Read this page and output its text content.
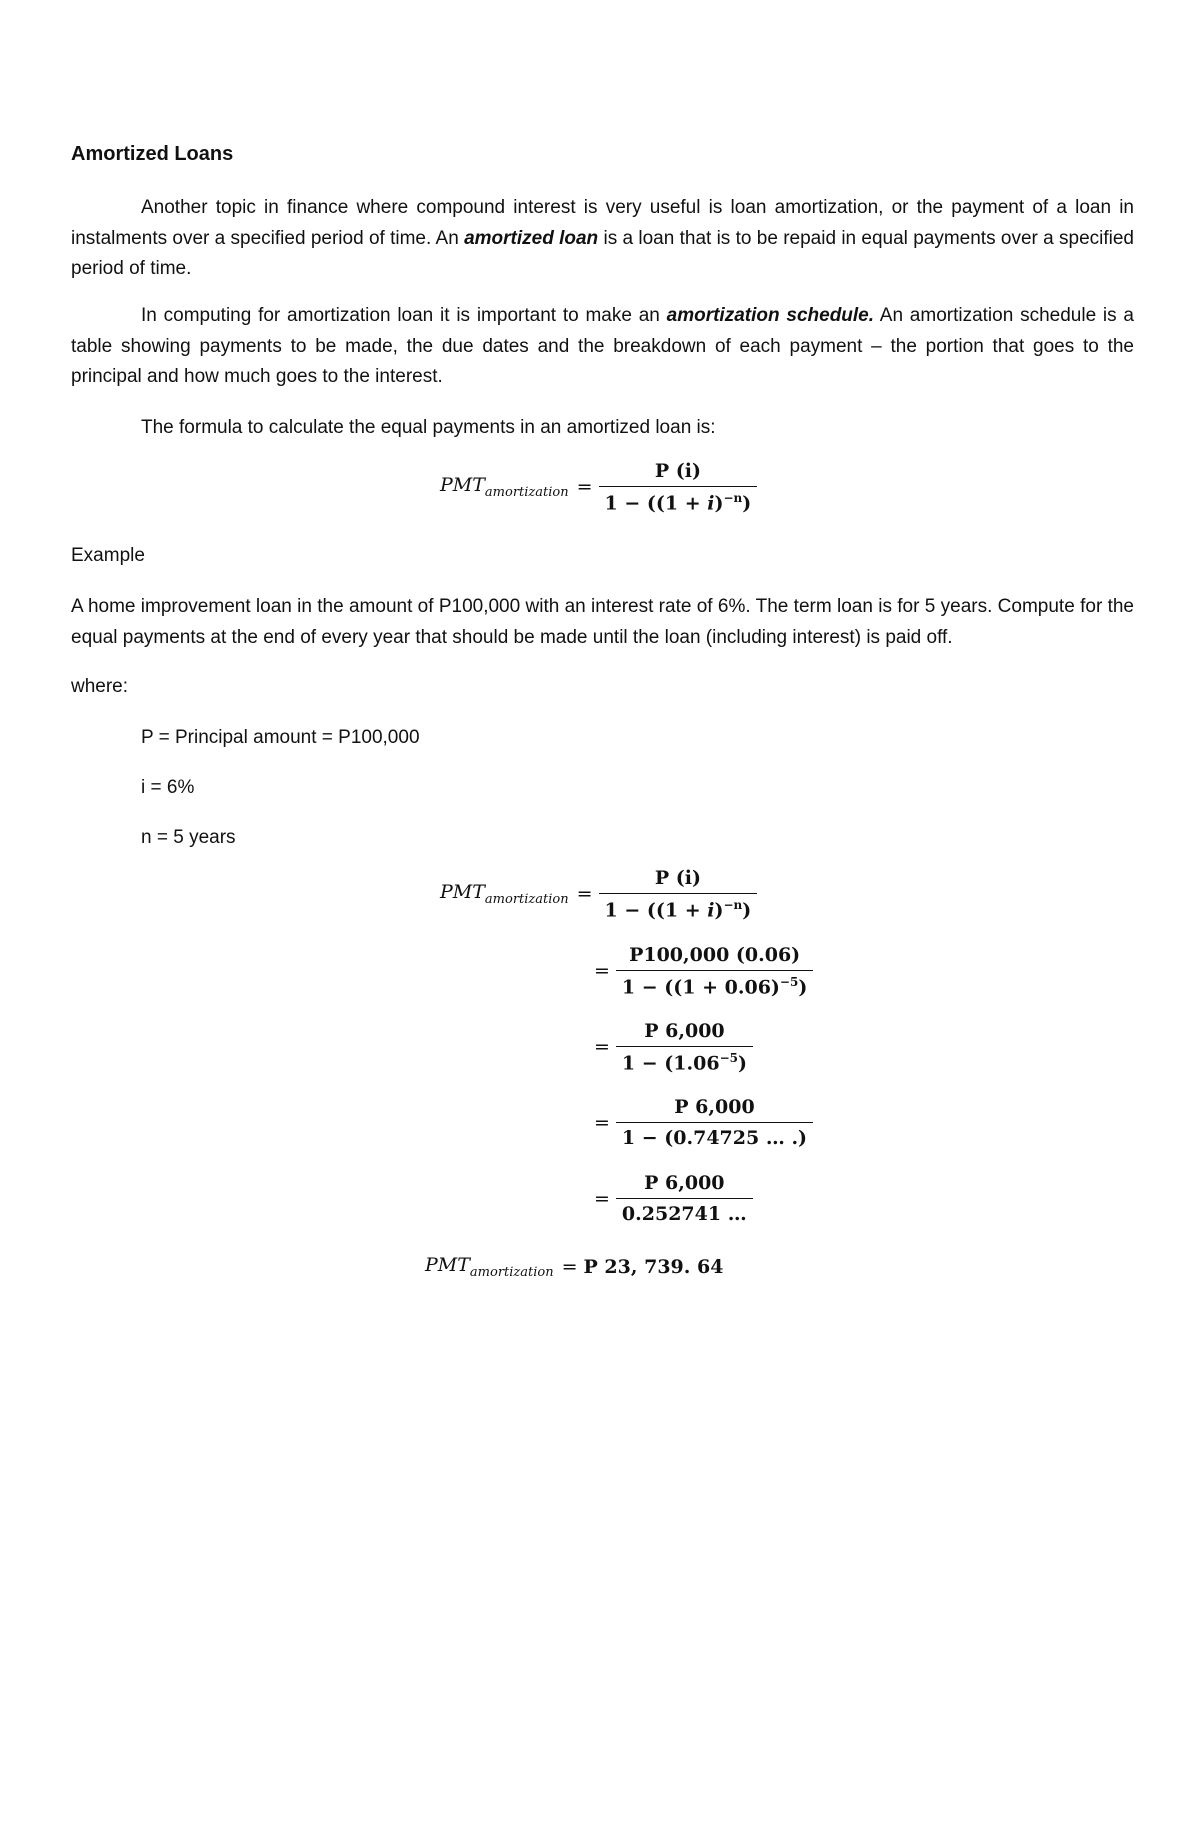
Amortized Loans

Another topic in finance where compound interest is very useful is loan amortization, or the payment of a loan in instalments over a specified period of time. An amortized loan is a loan that is to be repaid in equal payments over a specified period of time.

In computing for amortization loan it is important to make an amortization schedule. An amortization schedule is a table showing payments to be made, the due dates and the breakdown of each payment – the portion that goes to the principal and how much goes to the interest.

The formula to calculate the equal payments in an amortized loan is:

$PMT_{amortization} = \frac{P (i)}{1 - ((1 + i)^{-n})}$

Example

A home improvement loan in the amount of P100,000 with an interest rate of 6%. The term loan is for 5 years. Compute for the equal payments at the end of every year that should be made until the loan (including interest) is paid off.

where:

P = Principal amount = P100,000

i = 6%

n = 5 years

$PMT_{amortization} = \frac{P (i)}{1 - ((1 + i)^{-n})}$
= $\frac{P100,000 (0.06)}{1 - ((1 + 0.06)^{-5})}$
= $\frac{P 6,000}{1 - (1.06^{-5})}$
= $\frac{P 6,000}{1 - (0.74725 \dots .)}$
= $\frac{P 6,000}{0.252741 \dots}$
$PMT_{amortization} = P$ 23, 739. 64
